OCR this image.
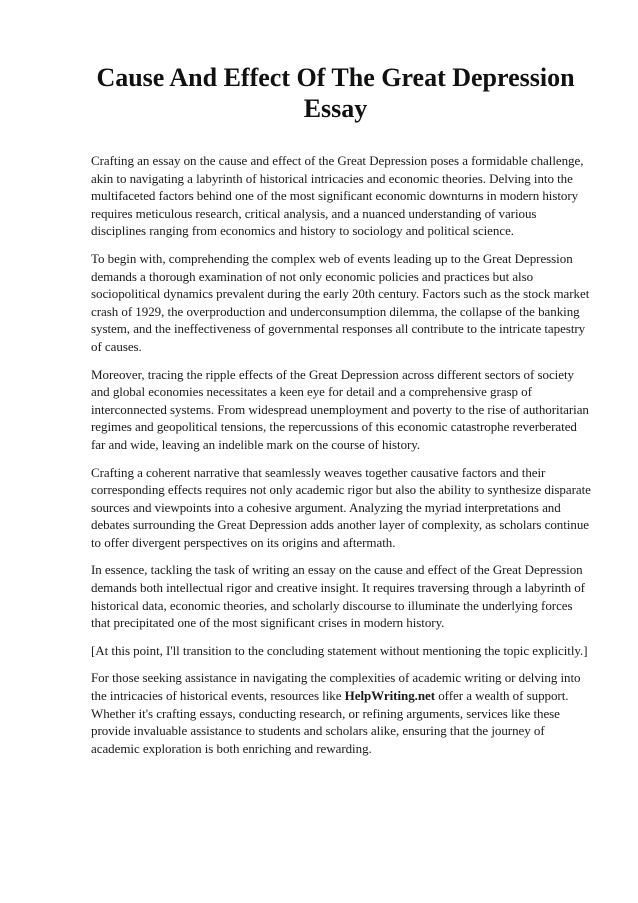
Cause And Effect Of The Great Depression Essay

Crafting an essay on the cause and effect of the Great Depression poses a formidable challenge, akin to navigating a labyrinth of historical intricacies and economic theories. Delving into the multifaceted factors behind one of the most significant economic downturns in modern history requires meticulous research, critical analysis, and a nuanced understanding of various disciplines ranging from economics and history to sociology and political science.

To begin with, comprehending the complex web of events leading up to the Great Depression demands a thorough examination of not only economic policies and practices but also sociopolitical dynamics prevalent during the early 20th century. Factors such as the stock market crash of 1929, the overproduction and underconsumption dilemma, the collapse of the banking system, and the ineffectiveness of governmental responses all contribute to the intricate tapestry of causes.

Moreover, tracing the ripple effects of the Great Depression across different sectors of society and global economies necessitates a keen eye for detail and a comprehensive grasp of interconnected systems. From widespread unemployment and poverty to the rise of authoritarian regimes and geopolitical tensions, the repercussions of this economic catastrophe reverberated far and wide, leaving an indelible mark on the course of history.

Crafting a coherent narrative that seamlessly weaves together causative factors and their corresponding effects requires not only academic rigor but also the ability to synthesize disparate sources and viewpoints into a cohesive argument. Analyzing the myriad interpretations and debates surrounding the Great Depression adds another layer of complexity, as scholars continue to offer divergent perspectives on its origins and aftermath.

In essence, tackling the task of writing an essay on the cause and effect of the Great Depression demands both intellectual rigor and creative insight. It requires traversing through a labyrinth of historical data, economic theories, and scholarly discourse to illuminate the underlying forces that precipitated one of the most significant crises in modern history.

[At this point, I'll transition to the concluding statement without mentioning the topic explicitly.]

For those seeking assistance in navigating the complexities of academic writing or delving into the intricacies of historical events, resources like HelpWriting.net offer a wealth of support. Whether it's crafting essays, conducting research, or refining arguments, services like these provide invaluable assistance to students and scholars alike, ensuring that the journey of academic exploration is both enriching and rewarding.
